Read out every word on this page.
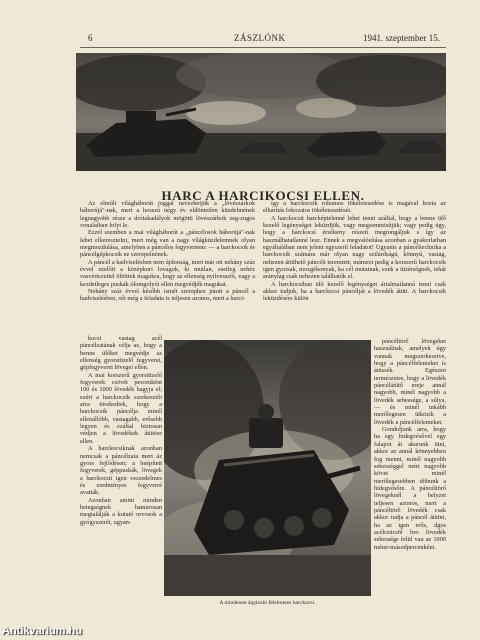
6	ZÁSZLÓNK	1941. szeptember 15.
HARC A HARCIKOCSI ELLEN.

Az elmúlt világháborút joggal nevezhetjük a „lövészárkok háborújá"-nak, mert a hosszú négy év eldöntetlen küzdelmének legnagyobb része a drótakadályok mögötti lövészárkok zeg-zugos vonalaiban folyt le.

Ezzel szemben a mai világháborút a „páncélosok háborújá"-nak lehet elkereszteIni, mert még van a nagy világküzdelemnek olyan megmozdulása, amelyben a páncélos fegyvernem: — a harckocsik és páncélgépkocsik ne szerepelnének.

A páncél a hadviselésben nem újdonság, mert már ott nehány száz évvel ezelőtt a középkori lovagok, ki mutlan, esetleg nehéz vasvértezettel öltöttek magukra, hogy az ellenség nyilvesszői, vagy a kezdetleges puskák ólomgolyói ellen megvédjék magukat.

Nehány száz évvel később ismét szerephez jutott a páncél a hadviselésben, sőt még a feladata is teljesen azonos, mert a harci-

így a harckocsik rohamos tökéletesedése is magával hozta az elhárítás fokozatos tökéletesedését.

A harckocsit harcképtelenné lehet tenni azáltal, hogy a benne ülő kezelő legénységet leküzdjük, vagy megsemmisítjük; vagy pedig úgy, hogy a harckocsi érzékeny részeit megrongáljuk s így az használhatatlanné lesz. Ennek a megvalósítása azonban a gyakorlatban egyáltalában nem jelent egyszerű feladatot! Ugyanis a páncéltechnika a harckocsik számára már olyan nagy szilárdságú, könnyű, vastag, nehezen átüthető páncélt teremtett; mámezt pedig a korszerű harckocsik igen gyorsak, mozgékonyak, ka cél mutatnak, ezek a tüzérségnek, tehát aránylag csak nehezen találhatók el.

A harckocsiban ülő kezelő legénységet ártalmatlanná tenni csak akkor tudjuk, ha a harckocsi páncélját a lövedék átüti. A harckocsik leküzdésére külön

kocsi vastag acél páncélzatának célja az, hogy a benne ülőket megvédje az ellenség gyorstüzelő fegyverei, gépfegyverei lövegei ellen.

A mai korszerű gyorstüzelő fegyverek csövét percenként 100 és 1000 lövedék hagyja el; ezért a harckocsik szerkesztői arra törekedtek, hogy a harckocsik páncélja minél ellenállóbb, vastagabb, erősebb legyen és ezáltal biztosan védjen a lövedékek átütése ellen.

A harckocsiknak azonban nemcsak a páncélzata mert áz gyors fejlődésen; a beépített fegyverek, géppuskák, lövegek a harckocsit igen veszedelmes és eredményes fegyverré avatták.

Azonban amint minden betegségnek hamarosan megtalálják a kutató orvosok a gyógyszerét, ugyan-

A mindenen átgázoló félelmetes harckocsi.

páncéltörő lövegeket használnak, amelyek úgy vannak megszerkesztve, hogy a páncélfelemeket is átüssék. Egészen természetes, hogy a lövedék páncélátütő ereje annál nagyobb, minél nagyobb a lövedék sebessége, a súlya, — és minél inkább merőlegesen ütközik a lövedék a páncélfelemeket.

Gondoljunk arra, hogy ha egy hidegvésővel egy falapot át akarunk ütni, akkor az annál könnyebben fog menni, minél nagyobb sebességgel mért nagyobb követ minél merőlegesebben döbunk a hidegvésőre. A páncéltörő lövegeknél a belyzet teljesen azonos, mert a páncéltörő lövedék csak akkor tudja a páncél átütni, ha az igen erős, dgos acélcsücsöl bro lövedék sebessége felül van az 1000 méter-másodpercenként.

Antikvarium.hu
